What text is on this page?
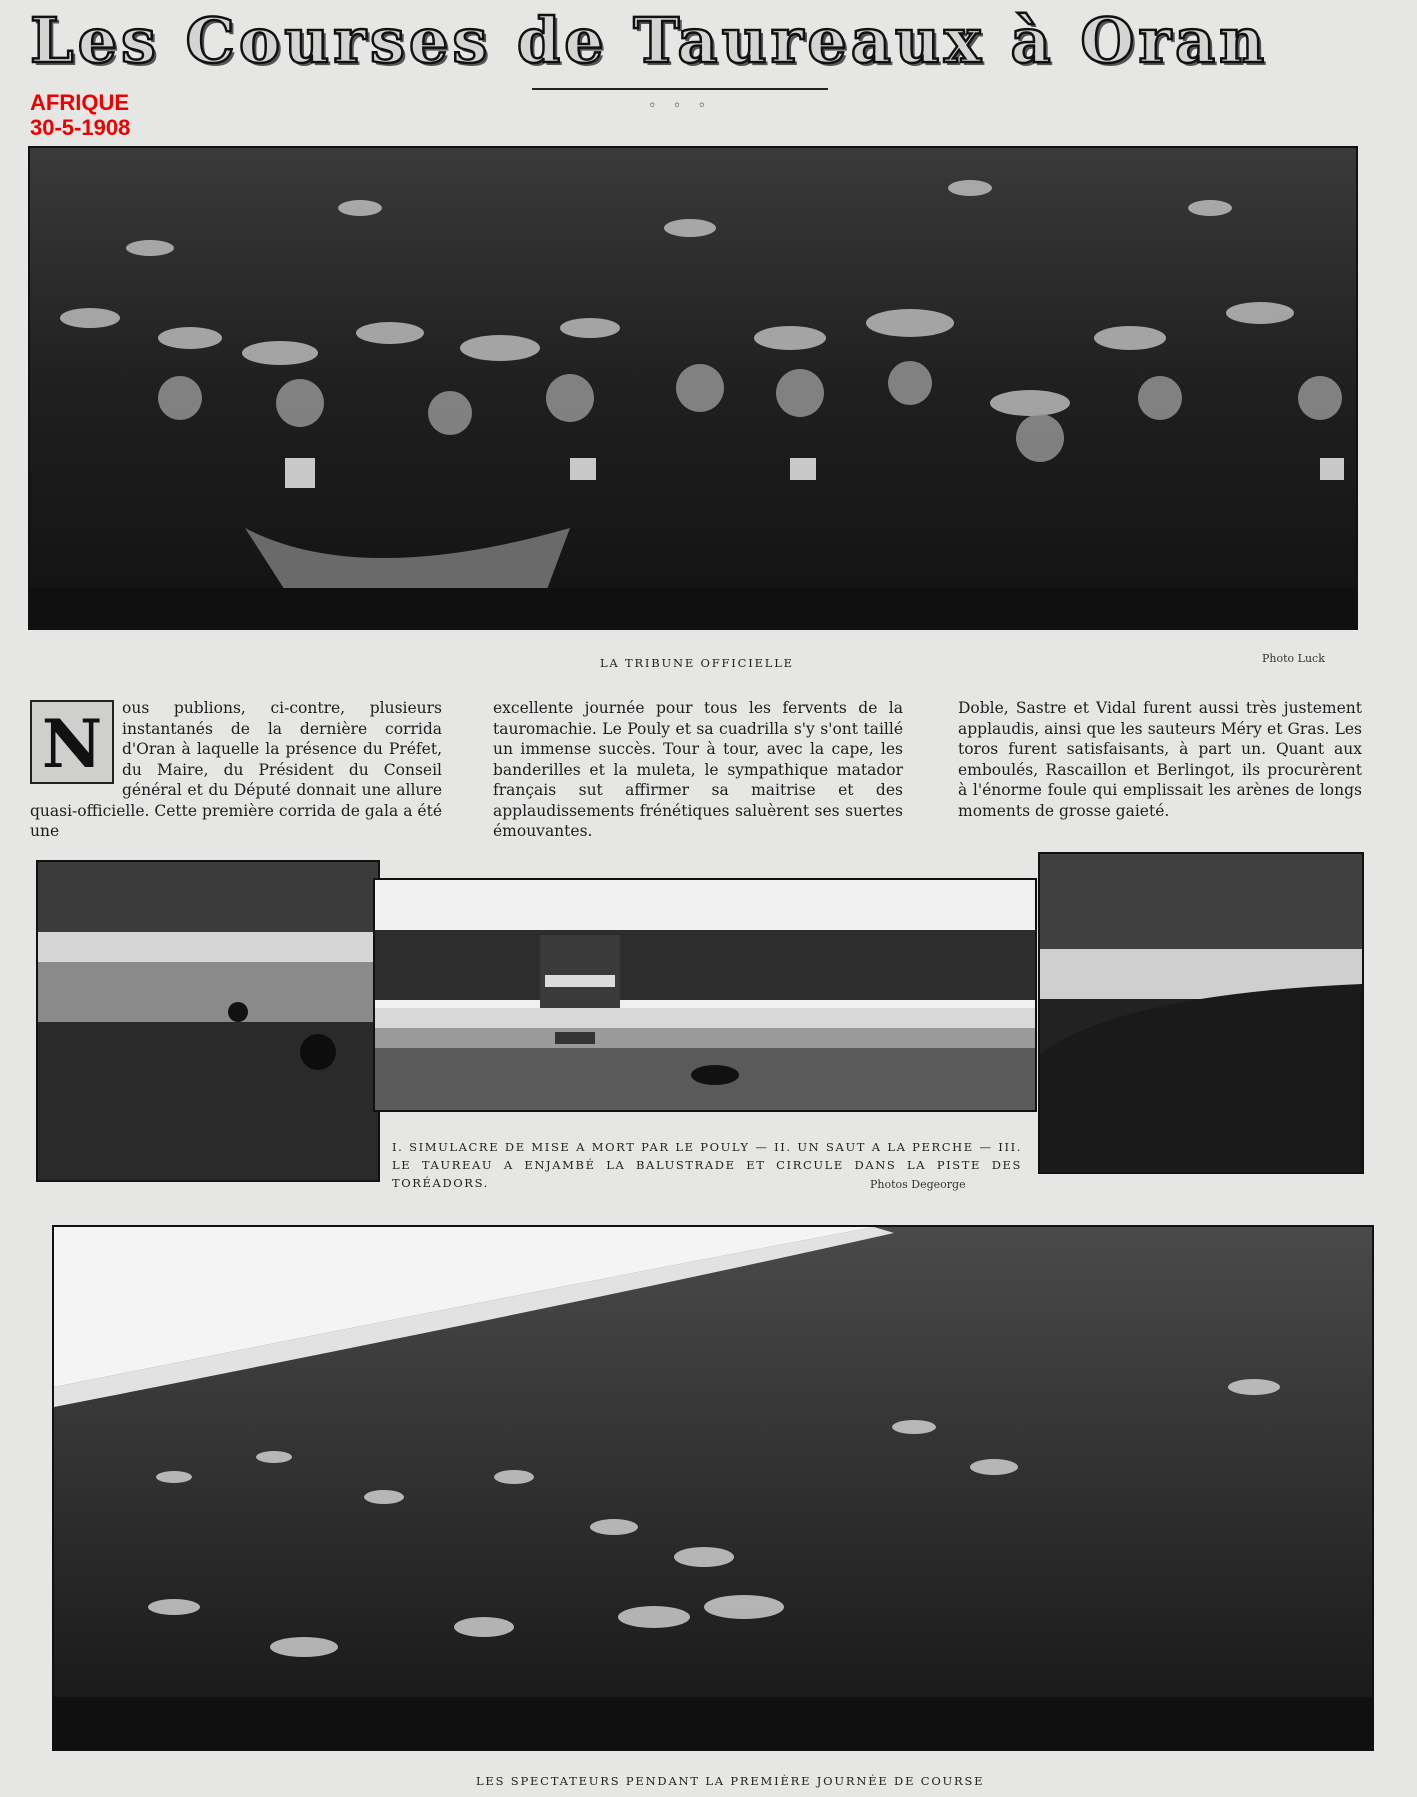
Les Courses de Taureaux à Oran
◦ ◦ ◦
AFRIQUE
30-5-1908
LA TRIBUNE OFFICIELLE	Photo Luck
N	ous publions, ci-contre, plusieurs instantanés de la dernière corrida d'Oran à laquelle la présence du Préfet, du Maire, du Président du Conseil général et du Député donnait une allure quasi-officielle. Cette première corrida de gala a été une
excellente journée pour tous les fervents de la tauromachie. Le Pouly et sa cuadrilla s'y s'ont taillé un immense succès. Tour à tour, avec la cape, les banderilles et la muleta, le sympathique matador français sut affirmer sa maitrise et des applaudissements frénétiques saluèrent ses suertes émouvantes.
Doble, Sastre et Vidal furent aussi très justement applaudis, ainsi que les sauteurs Méry et Gras. Les toros furent satisfaisants, à part un. Quant aux emboulés, Rascaillon et Berlingot, ils procurèrent à l'énorme foule qui emplissait les arènes de longs moments de grosse gaieté.
I. SIMULACRE DE MISE A MORT PAR LE POULY — II. UN SAUT A LA PERCHE — III. LE TAUREAU A ENJAMBÉ LA BALUSTRADE ET CIRCULE DANS LA PISTE DES TORÉADORS.	Photos Degeorge
LES SPECTATEURS PENDANT LA PREMIÈRE JOURNÉE DE COURSE
